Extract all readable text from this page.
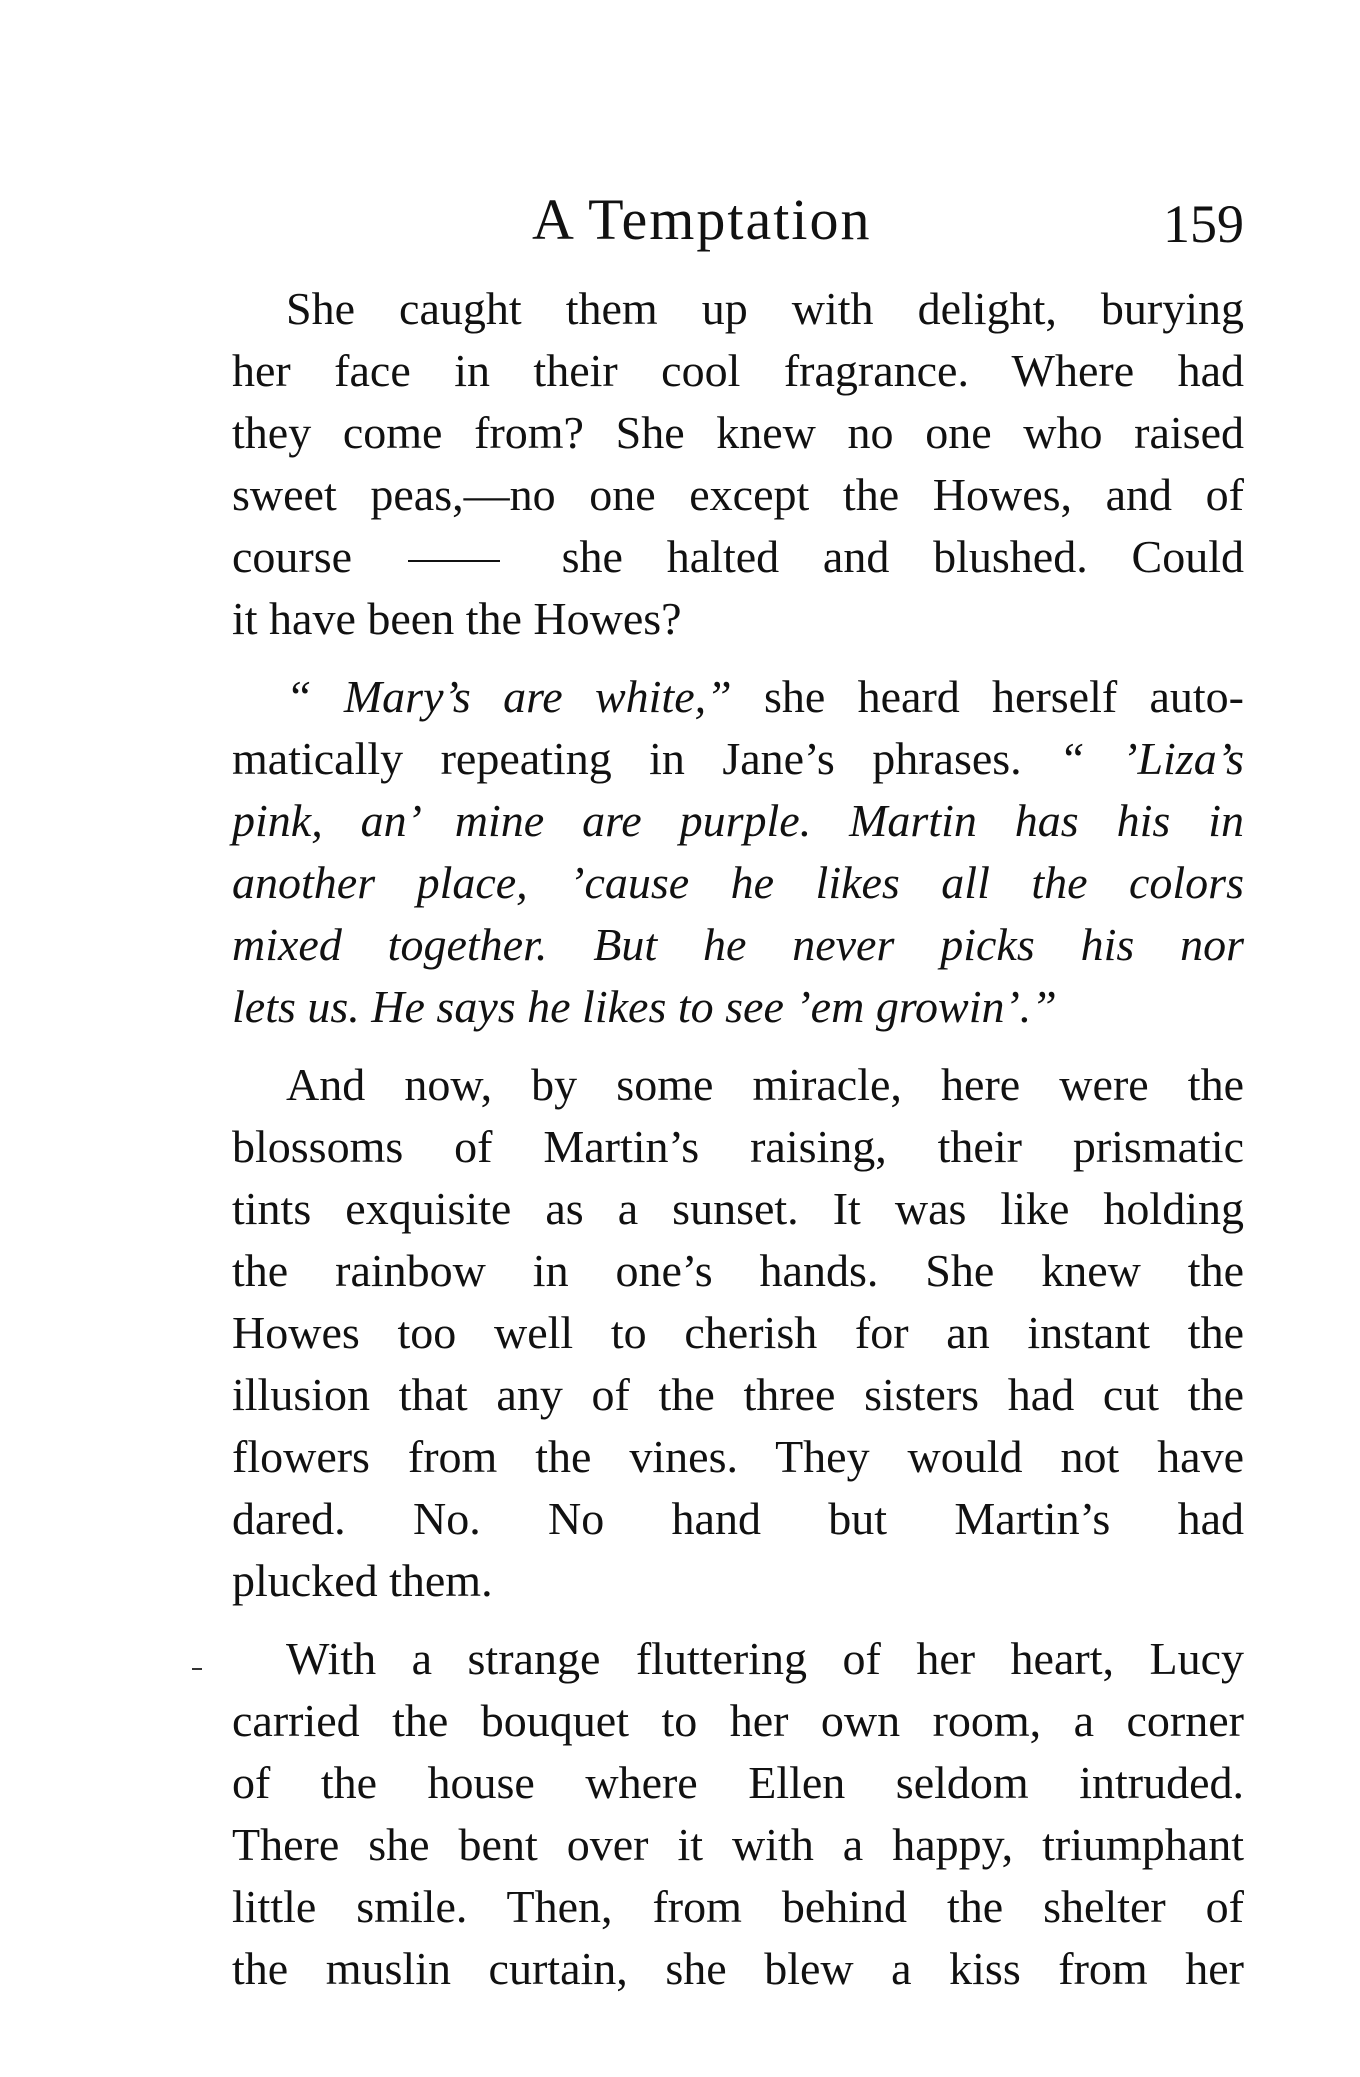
A Temptation	159
She caught them up with delight, burying
her face in their cool fragrance. Where had
they come from? She knew no one who raised
sweet peas,—no one except the Howes, and of
course	she halted and blushed. Could
it have been the Howes?
“ Mary’s are white,” she heard herself auto-
matically repeating in Jane’s phrases. “ ’Liza’s
pink, an’ mine are purple. Martin has his in
another place, ’cause he likes all the colors
mixed together. But he never picks his nor
lets us. He says he likes to see ’em growin’.”
And now, by some miracle, here were the
blossoms of Martin’s raising, their prismatic
tints exquisite as a sunset. It was like holding
the rainbow in one’s hands. She knew the
Howes too well to cherish for an instant the
illusion that any of the three sisters had cut the
flowers from the vines. They would not have
dared. No. No hand but Martin’s had
plucked them.
With a strange fluttering of her heart, Lucy
carried the bouquet to her own room, a corner
of the house where Ellen seldom intruded.
There she bent over it with a happy, triumphant
little smile. Then, from behind the shelter of
the muslin curtain, she blew a kiss from her
